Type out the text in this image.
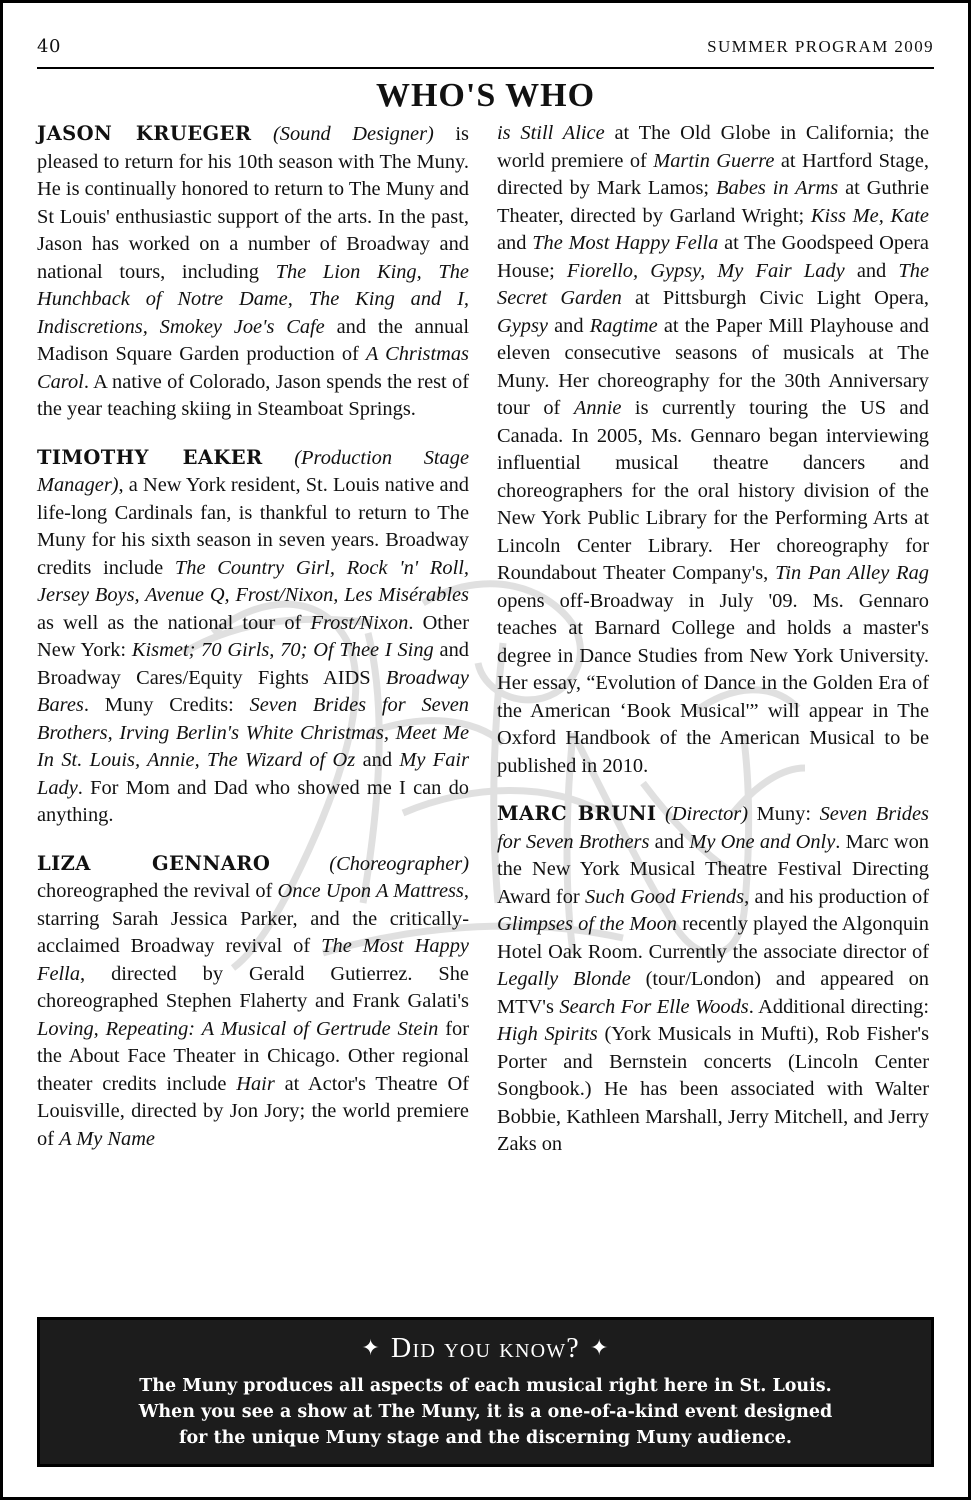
40	SUMMER PROGRAM 2009
WHO'S WHO

JASON KRUEGER (Sound Designer) is pleased to return for his 10th season with The Muny. He is continually honored to return to The Muny and St Louis' enthusiastic support of the arts. In the past, Jason has worked on a number of Broadway and national tours, including The Lion King, The Hunchback of Notre Dame, The King and I, Indiscretions, Smokey Joe's Cafe and the annual Madison Square Garden production of A Christmas Carol. A native of Colorado, Jason spends the rest of the year teaching skiing in Steamboat Springs.

TIMOTHY EAKER (Production Stage Manager), a New York resident, St. Louis native and life-long Cardinals fan, is thankful to return to The Muny for his sixth season in seven years. Broadway credits include The Country Girl, Rock 'n' Roll, Jersey Boys, Avenue Q, Frost/Nixon, Les Misérables as well as the national tour of Frost/Nixon. Other New York: Kismet; 70 Girls, 70; Of Thee I Sing and Broadway Cares/Equity Fights AIDS Broadway Bares. Muny Credits: Seven Brides for Seven Brothers, Irving Berlin's White Christmas, Meet Me In St. Louis, Annie, The Wizard of Oz and My Fair Lady. For Mom and Dad who showed me I can do anything.

LIZA GENNARO	(Choreographer) choreographed the revival of Once Upon A Mattress, starring Sarah Jessica Parker, and the critically-acclaimed Broadway revival of The Most Happy Fella, directed by Gerald Gutierrez. She choreographed Stephen Flaherty and Frank Galati's Loving, Repeating: A Musical of Gertrude Stein for the About Face Theater in Chicago. Other regional theater credits include Hair at Actor's Theatre Of Louisville, directed by Jon Jory; the world premiere of A My Name

is Still Alice at The Old Globe in California; the world premiere of Martin Guerre at Hartford Stage, directed by Mark Lamos; Babes in Arms at Guthrie Theater, directed by Garland Wright; Kiss Me, Kate and The Most Happy Fella at The Goodspeed Opera House; Fiorello, Gypsy, My Fair Lady and The Secret Garden at Pittsburgh Civic Light Opera, Gypsy and Ragtime at the Paper Mill Playhouse and eleven consecutive seasons of musicals at The Muny. Her choreography for the 30th Anniversary tour of Annie is currently touring the US and Canada. In 2005, Ms. Gennaro began interviewing influential musical theatre dancers and choreographers for the oral history division of the New York Public Library for the Performing Arts at Lincoln Center Library. Her choreography for Roundabout Theater Company's, Tin Pan Alley Rag opens off-Broadway in July '09. Ms. Gennaro teaches at Barnard College and holds a master's degree in Dance Studies from New York University. Her essay, “Evolution of Dance in the Golden Era of the American ‘Book Musical'” will appear in The Oxford Handbook of the American Musical to be published in 2010.

MARC BRUNI (Director) Muny: Seven Brides for Seven Brothers and My One and Only. Marc won the New York Musical Theatre Festival Directing Award for Such Good Friends, and his production of Glimpses of the Moon recently played the Algonquin Hotel Oak Room. Currently the associate director of Legally Blonde (tour/London) and appeared on MTV's Search For Elle Woods. Additional directing: High Spirits (York Musicals in Mufti), Rob Fisher's Porter and Bernstein concerts (Lincoln Center Songbook.) He has been associated with Walter Bobbie, Kathleen Marshall, Jerry Mitchell, and Jerry Zaks on

✦ Did you know? ✦
The Muny produces all aspects of each musical right here in St. Louis.
When you see a show at The Muny, it is a one-of-a-kind event designed
for the unique Muny stage and the discerning Muny audience.
